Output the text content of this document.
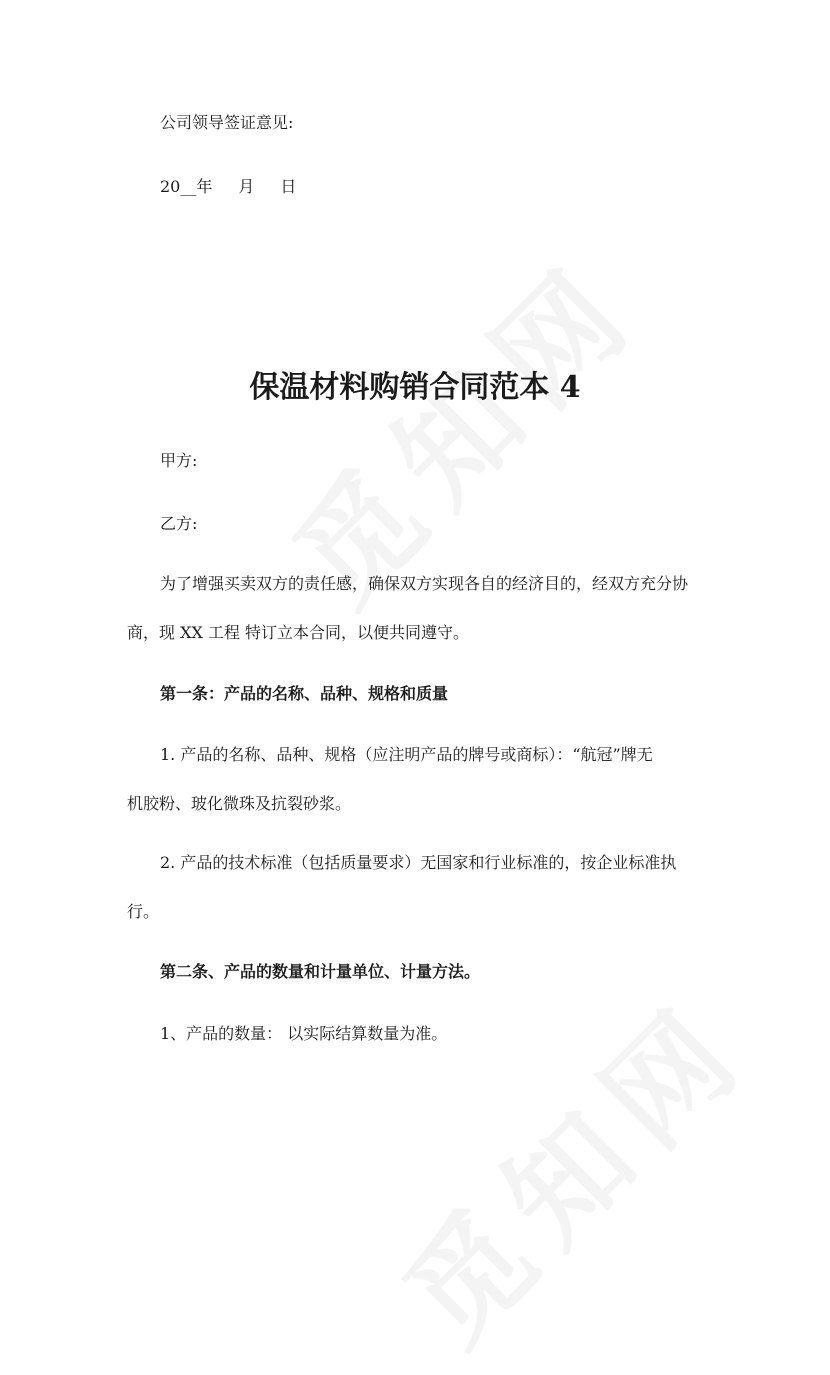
公司领导签证意见:
20__年 月 日
保温材料购销合同范本 4
甲方:
乙方:
为了增强买卖双方的责任感，确保双方实现各自的经济目的，经双方充分协
商，现 XX 工程 特订立本合同，以便共同遵守。
第一条：产品的名称、品种、规格和质量
1. 产品的名称、品种、规格（应注明产品的牌号或商标）：“航冠”牌无
机胶粉、玻化微珠及抗裂砂浆。
2. 产品的技术标准（包括质量要求）无国家和行业标准的，按企业标准执
行。
第二条、产品的数量和计量单位、计量方法。
1、产品的数量： 以实际结算数量为准。
